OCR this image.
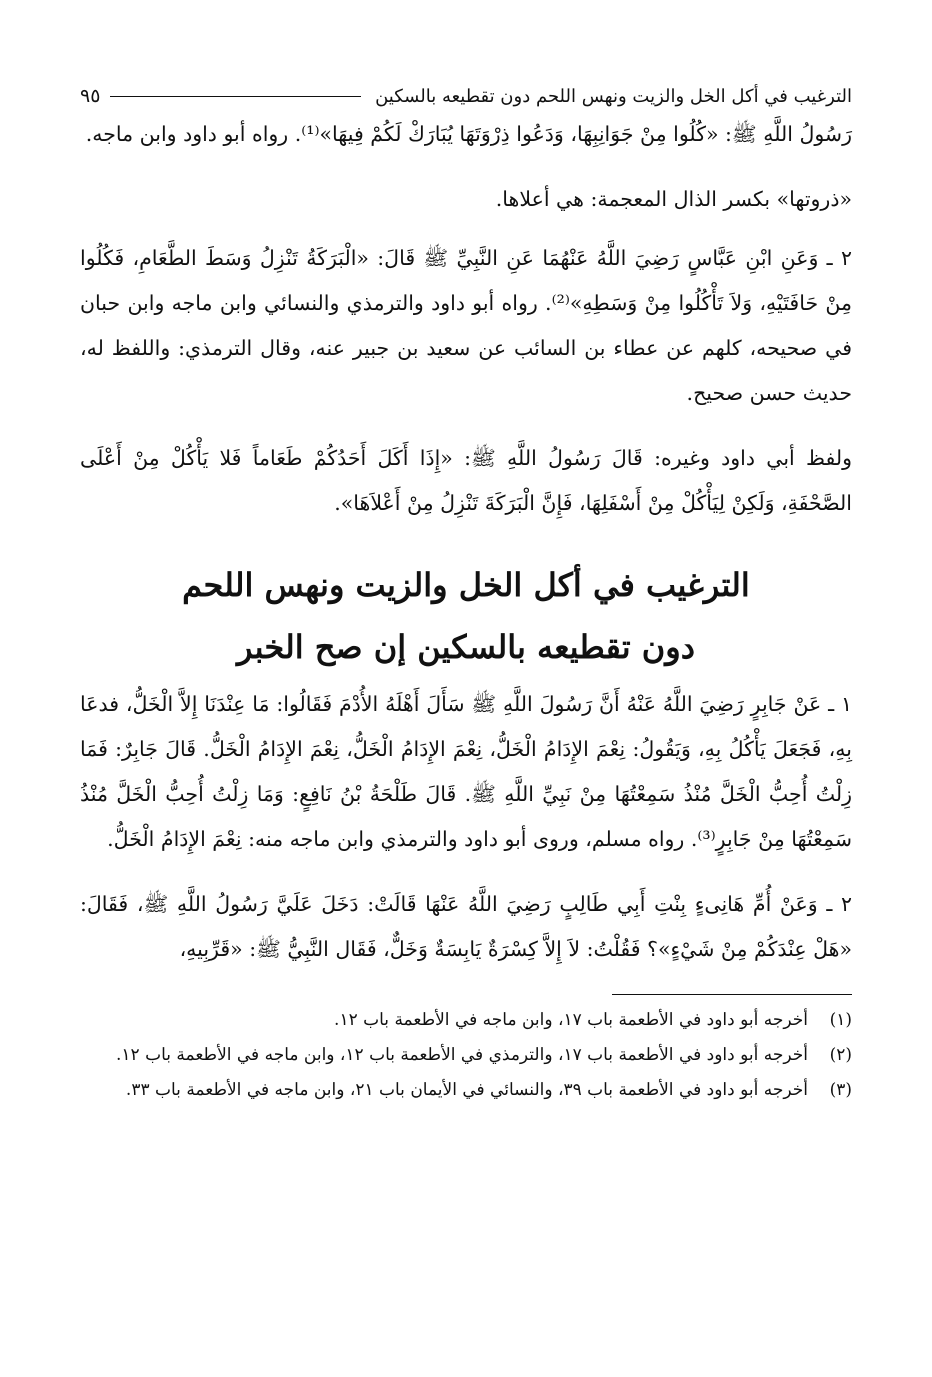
الترغيب في أكل الخل والزيت ونهس اللحم دون تقطيعه بالسكين
٩٥

رَسُولُ اللَّهِ ﷺ: «كُلُوا مِنْ جَوَانِبِهَا، وَدَعُوا ذِرْوَتَهَا يُبَارَكْ لَكُمْ فِيهَا»⁽¹⁾. رواه أبو داود وابن ماجه.

«ذروتها» بكسر الذال المعجمة: هي أعلاها.

٢ ـ وَعَنِ ابْنِ عَبَّاسٍ رَضِيَ اللَّهُ عَنْهُمَا عَنِ النَّبِيِّ ﷺ قَالَ: «الْبَرَكَةُ تَنْزِلُ وَسَطَ الطَّعَامِ، فَكُلُوا مِنْ حَافَتَيْهِ، وَلاَ تَأْكُلُوا مِنْ وَسَطِهِ»⁽²⁾. رواه أبو داود والترمذي والنسائي وابن ماجه وابن حبان في صحيحه، كلهم عن عطاء بن السائب عن سعيد بن جبير عنه، وقال الترمذي: واللفظ له، حديث حسن صحيح.

ولفظ أبي داود وغيره: قَالَ رَسُولُ اللَّهِ ﷺ: «إِذَا أَكَلَ أَحَدُكُمْ طَعَاماً فَلا يَأْكُلْ مِنْ أَعْلَى الصَّحْفَةِ، وَلَكِنْ لِيَأْكُلْ مِنْ أَسْفَلِهَا، فَإِنَّ الْبَرَكَةَ تَنْزِلُ مِنْ أَعْلاَهَا».

الترغيب في أكل الخل والزيت ونهس اللحم
دون تقطيعه بالسكين إن صح الخبر

١ ـ عَنْ جَابِرٍ رَضِيَ اللَّهُ عَنْهُ أَنَّ رَسُولَ اللَّهِ ﷺ سَأَلَ أَهْلَهُ الأُدْمَ فَقَالُوا: مَا عِنْدَنَا إِلاَّ الْخَلُّ، فدعَا بِهِ، فَجَعَلَ يَأْكُلُ بِهِ، وَيَقُولُ: نِعْمَ الإِدَامُ الْخَلُّ، نِعْمَ الإِدَامُ الْخَلُّ، نِعْمَ الإِدَامُ الْخَلُّ. قَالَ جَابِرٌ: فَمَا زِلْتُ أُحِبُّ الْخَلَّ مُنْذُ سَمِعْتُهَا مِنْ نَبِيِّ اللَّهِ ﷺ. قَالَ طَلْحَةُ بْنُ نَافِعٍ: وَمَا زِلْتُ أُحِبُّ الْخَلَّ مُنْذُ سَمِعْتُهَا مِنْ جَابِرٍ⁽³⁾. رواه مسلم، وروى أبو داود والترمذي وابن ماجه منه: نِعْمَ الإِدَامُ الْخَلُّ.

٢ ـ وَعَنْ أُمِّ هَانِىءٍ بِنْتِ أَبِي طَالِبٍ رَضِيَ اللَّهُ عَنْهَا قَالَتْ: دَخَلَ عَلَيَّ رَسُولُ اللَّهِ ﷺ، فَقَالَ: «هَلْ عِنْدَكُمْ مِنْ شَيْءٍ»؟ فَقُلْتُ: لاَ إِلاَّ كِسْرَةٌ يَابِسَةٌ وَخَلٌّ، فَقَال النَّبِيُّ ﷺ: «قَرِّبِيهِ،

(١)
أخرجه أبو داود في الأطعمة باب ١٧، وابن ماجه في الأطعمة باب ١٢.
(٢)
أخرجه أبو داود في الأطعمة باب ١٧، والترمذي في الأطعمة باب ١٢، وابن ماجه في الأطعمة باب ١٢.
(٣)
أخرجه أبو داود في الأطعمة باب ٣٩، والنسائي في الأيمان باب ٢١، وابن ماجه في الأطعمة باب ٣٣.
